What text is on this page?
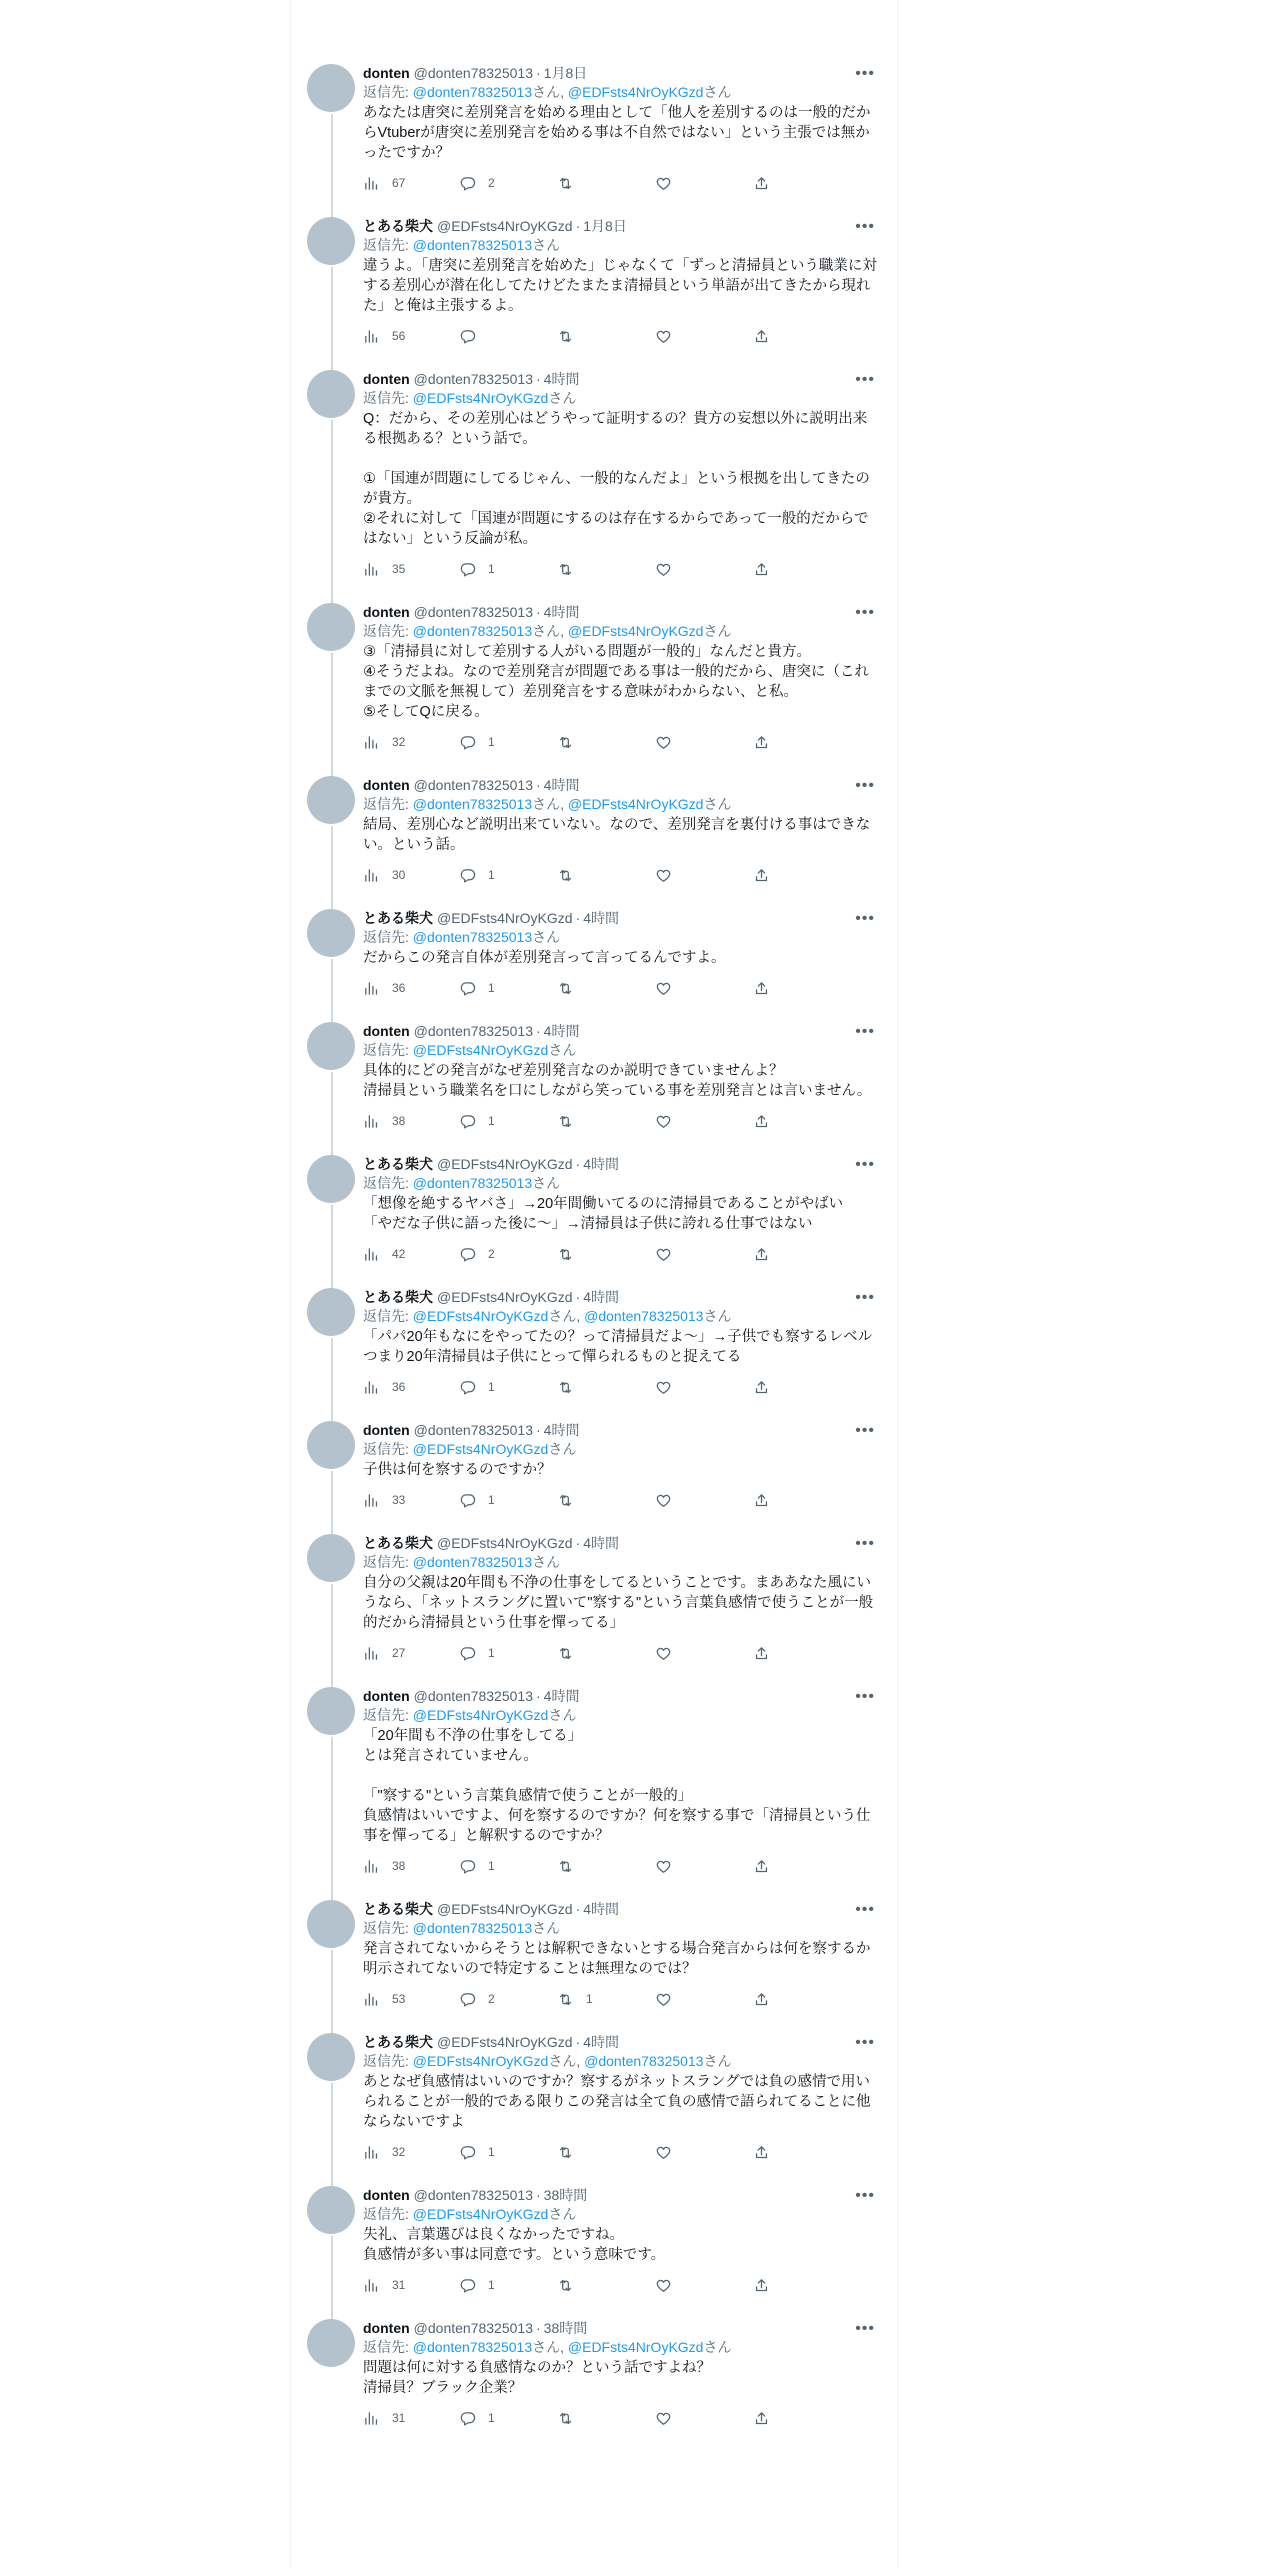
donten @donten78325013 · 1月8日	•••
返信先: @donten78325013さん, @EDFsts4NrOyKGzdさん
あなたは唐突に差別発言を始める理由として「他人を差別するのは一般的だからVtuberが唐突に差別発言を始める事は不自然ではない」という主張では無かったですか？
67	2
とある柴犬 @EDFsts4NrOyKGzd · 1月8日	•••
返信先: @donten78325013さん
違うよ。「唐突に差別発言を始めた」じゃなくて「ずっと清掃員という職業に対する差別心が潜在化してたけどたまたま清掃員という単語が出てきたから現れた」と俺は主張するよ。
56
donten @donten78325013 · 4時間	•••
返信先: @EDFsts4NrOyKGzdさん
Q：だから、その差別心はどうやって証明するの？貴方の妄想以外に説明出来る根拠ある？という話で。

①「国連が問題にしてるじゃん、一般的なんだよ」という根拠を出してきたのが貴方。
②それに対して「国連が問題にするのは存在するからであって一般的だからではない」という反論が私。
35	1
donten @donten78325013 · 4時間	•••
返信先: @donten78325013さん, @EDFsts4NrOyKGzdさん
③「清掃員に対して差別する人がいる問題が一般的」なんだと貴方。
④そうだよね。なので差別発言が問題である事は一般的だから、唐突に（これまでの文脈を無視して）差別発言をする意味がわからない、と私。
⑤そしてQに戻る。
32	1
donten @donten78325013 · 4時間	•••
返信先: @donten78325013さん, @EDFsts4NrOyKGzdさん
結局、差別心など説明出来ていない。なので、差別発言を裏付ける事はできない。という話。
30	1
とある柴犬 @EDFsts4NrOyKGzd · 4時間	•••
返信先: @donten78325013さん
だからこの発言自体が差別発言って言ってるんですよ。
36	1
donten @donten78325013 · 4時間	•••
返信先: @EDFsts4NrOyKGzdさん
具体的にどの発言がなぜ差別発言なのか説明できていませんよ？
清掃員という職業名を口にしながら笑っている事を差別発言とは言いません。
38	1
とある柴犬 @EDFsts4NrOyKGzd · 4時間	•••
返信先: @donten78325013さん
「想像を絶するヤバさ」→20年間働いてるのに清掃員であることがやばい
「やだな子供に語った後に〜」→清掃員は子供に誇れる仕事ではない
42	2
とある柴犬 @EDFsts4NrOyKGzd · 4時間	•••
返信先: @EDFsts4NrOyKGzdさん, @donten78325013さん
「パパ20年もなにをやってたの？って清掃員だよ〜」→子供でも察するレベルつまり20年清掃員は子供にとって憚られるものと捉えてる
36	1
donten @donten78325013 · 4時間	•••
返信先: @EDFsts4NrOyKGzdさん
子供は何を察するのですか？
33	1
とある柴犬 @EDFsts4NrOyKGzd · 4時間	•••
返信先: @donten78325013さん
自分の父親は20年間も不浄の仕事をしてるということです。まああなた風にいうなら、「ネットスラングに置いて"察する"という言葉負感情で使うことが一般的だから清掃員という仕事を憚ってる」
27	1
donten @donten78325013 · 4時間	•••
返信先: @EDFsts4NrOyKGzdさん
「20年間も不浄の仕事をしてる」
とは発言されていません。

「"察する"という言葉負感情で使うことが一般的」
負感情はいいですよ、何を察するのですか？何を察する事で「清掃員という仕事を憚ってる」と解釈するのですか？
38	1
とある柴犬 @EDFsts4NrOyKGzd · 4時間	•••
返信先: @donten78325013さん
発言されてないからそうとは解釈できないとする場合発言からは何を察するか明示されてないので特定することは無理なのでは？
53	2	1
とある柴犬 @EDFsts4NrOyKGzd · 4時間	•••
返信先: @EDFsts4NrOyKGzdさん, @donten78325013さん
あとなぜ負感情はいいのですか？察するがネットスラングでは負の感情で用いられることが一般的である限りこの発言は全て負の感情で語られてることに他ならないですよ
32	1
donten @donten78325013 · 38時間	•••
返信先: @EDFsts4NrOyKGzdさん
失礼、言葉選びは良くなかったですね。
負感情が多い事は同意です。という意味です。
31	1
donten @donten78325013 · 38時間	•••
返信先: @donten78325013さん, @EDFsts4NrOyKGzdさん
問題は何に対する負感情なのか？という話ですよね？
清掃員？ブラック企業？
31	1
